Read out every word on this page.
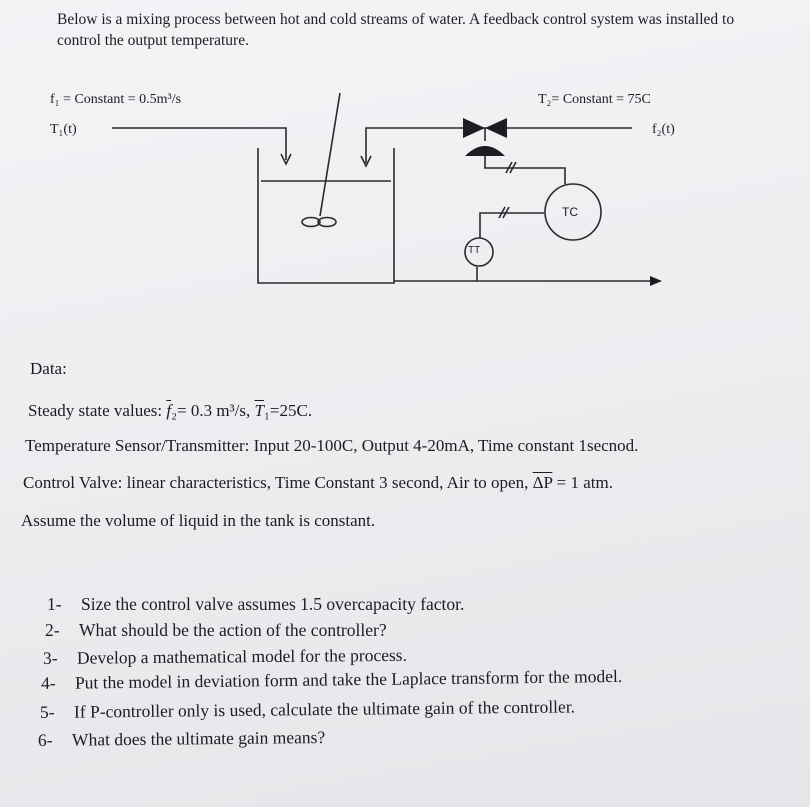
Below is a mixing process between hot and cold streams of water. A feedback control system was installed to control the output temperature.
f₁ = Constant = 0.5m³/s
T₁(t)
T₂= Constant = 75C
f₂(t)
TT
TC
Data:
Steady state values: $\overline{f}_2= 0.3$ m³/s, $\overline{T}_1=25C$.
Temperature Sensor/Transmitter: Input 20-100C, Output 4-20mA, Time constant 1secnod.
Control Valve: linear characteristics, Time Constant 3 second, Air to open, $\overline{\Delta P} = 1$ atm.
Assume the volume of liquid in the tank is constant.
1- Size the control valve assumes 1.5 overcapacity factor.
2- What should be the action of the controller?
3- Develop a mathematical model for the process.
4- Put the model in deviation form and take the Laplace transform for the model.
5- If P-controller only is used, calculate the ultimate gain of the controller.
6- What does the ultimate gain means?
